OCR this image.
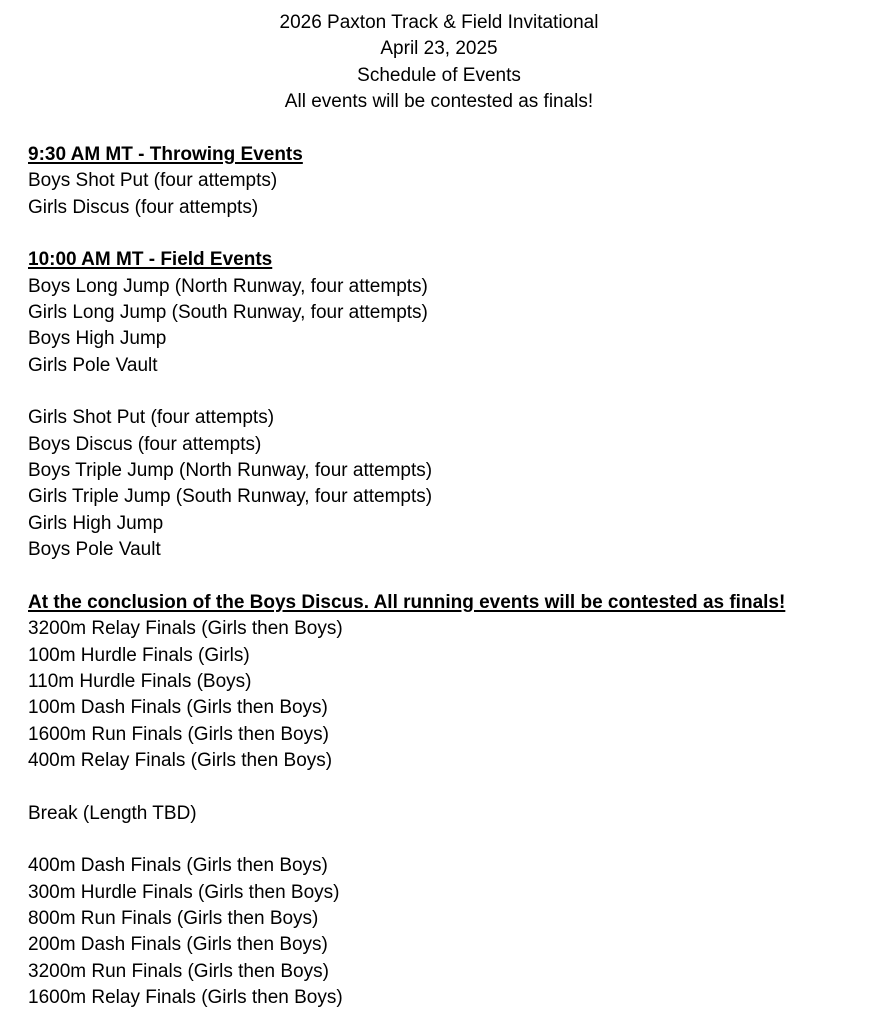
2026 Paxton Track & Field Invitational
April 23, 2025
Schedule of Events
All events will be contested as finals!
9:30 AM MT - Throwing Events
Boys Shot Put (four attempts)
Girls Discus (four attempts)
10:00 AM MT - Field Events
Boys Long Jump (North Runway, four attempts)
Girls Long Jump (South Runway, four attempts)
Boys High Jump
Girls Pole Vault
Girls Shot Put (four attempts)
Boys Discus (four attempts)
Boys Triple Jump (North Runway, four attempts)
Girls Triple Jump (South Runway, four attempts)
Girls High Jump
Boys Pole Vault
At the conclusion of the Boys Discus. All running events will be contested as finals!
3200m Relay Finals (Girls then Boys)
100m Hurdle Finals (Girls)
110m Hurdle Finals (Boys)
100m Dash Finals (Girls then Boys)
1600m Run Finals (Girls then Boys)
400m Relay Finals (Girls then Boys)
Break (Length TBD)
400m Dash Finals (Girls then Boys)
300m Hurdle Finals (Girls then Boys)
800m Run Finals (Girls then Boys)
200m Dash Finals (Girls then Boys)
3200m Run Finals (Girls then Boys)
1600m Relay Finals (Girls then Boys)
